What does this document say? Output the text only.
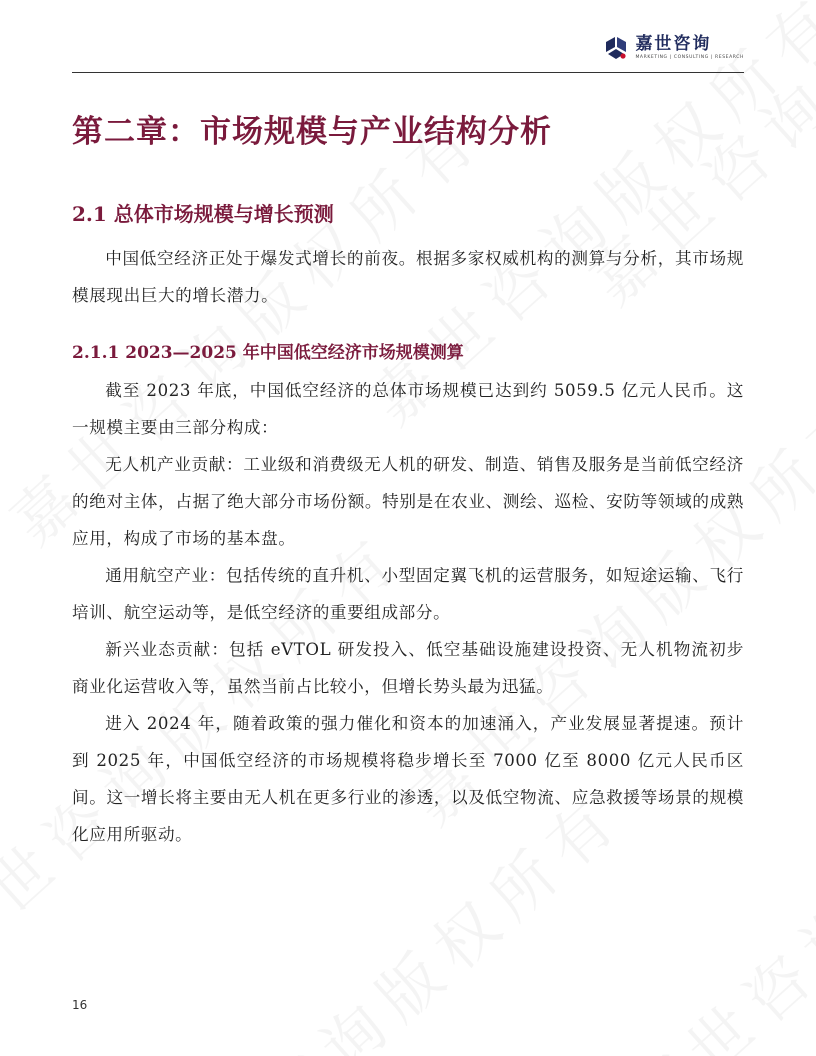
嘉世咨询
MARKETING | CONSULTING | RESEARCH
第二章：市场规模与产业结构分析
2.1 总体市场规模与增长预测

中国低空经济正处于爆发式增长的前夜。根据多家权威机构的测算与分析，其市场规模展现出巨大的增长潜力。

2.1.1 2023—2025 年中国低空经济市场规模测算

截至 2023 年底，中国低空经济的总体市场规模已达到约 5059.5 亿元人民币。这一规模主要由三部分构成：

无人机产业贡献：工业级和消费级无人机的研发、制造、销售及服务是当前低空经济的绝对主体，占据了绝大部分市场份额。特别是在农业、测绘、巡检、安防等领域的成熟应用，构成了市场的基本盘。

通用航空产业：包括传统的直升机、小型固定翼飞机的运营服务，如短途运输、飞行培训、航空运动等，是低空经济的重要组成部分。

新兴业态贡献：包括 eVTOL 研发投入、低空基础设施建设投资、无人机物流初步商业化运营收入等，虽然当前占比较小，但增长势头最为迅猛。

进入 2024 年，随着政策的强力催化和资本的加速涌入，产业发展显著提速。预计到 2025 年，中国低空经济的市场规模将稳步增长至 7000 亿至 8000 亿元人民币区间。这一增长将主要由无人机在更多行业的渗透，以及低空物流、应急救援等场景的规模化应用所驱动。

16
